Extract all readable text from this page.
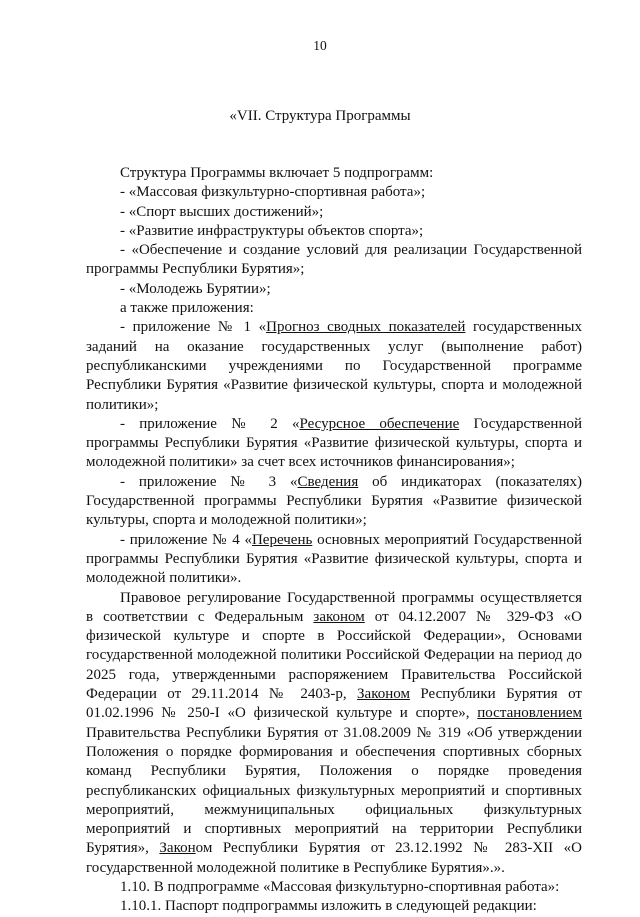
10
«VII. Структура Программы

Структура Программы включает 5 подпрограмм:

- «Массовая физкультурно-спортивная работа»;

- «Спорт высших достижений»;

- «Развитие инфраструктуры объектов спорта»;

- «Обеспечение и создание условий для реализации Государственной программы Республики Бурятия»;

- «Молодежь Бурятии»;

а также приложения:

- приложение № 1 «Прогноз сводных показателей государственных заданий на оказание государственных услуг (выполнение работ) республиканскими учреждениями по Государственной программе Республики Бурятия «Развитие физической культуры, спорта и молодежной политики»;

- приложение № 2 «Ресурсное обеспечение Государственной программы Республики Бурятия «Развитие физической культуры, спорта и молодежной политики» за счет всех источников финансирования»;

- приложение № 3 «Сведения об индикаторах (показателях) Государственной программы Республики Бурятия «Развитие физической культуры, спорта и молодежной политики»;

- приложение № 4 «Перечень основных мероприятий Государственной программы Республики Бурятия «Развитие физической культуры, спорта и молодежной политики».

Правовое регулирование Государственной программы осуществляется в соответствии с Федеральным законом от 04.12.2007 № 329-ФЗ «О физической культуре и спорте в Российской Федерации», Основами государственной молодежной политики Российской Федерации на период до 2025 года, утвержденными распоряжением Правительства Российской Федерации от 29.11.2014 № 2403-р, Законом Республики Бурятия от 01.02.1996 № 250-I «О физической культуре и спорте», постановлением Правительства Республики Бурятия от 31.08.2009 № 319 «Об утверждении Положения о порядке формирования и обеспечения спортивных сборных команд Республики Бурятия, Положения о порядке проведения республиканских официальных физкультурных мероприятий и спортивных мероприятий, межмуниципальных официальных физкультурных мероприятий и спортивных мероприятий на территории Республики Бурятия», Законом Республики Бурятия от 23.12.1992 № 283-XII «О государственной молодежной политике в Республике Бурятия».».

1.10. В подпрограмме «Массовая физкультурно-спортивная работа»:

1.10.1. Паспорт подпрограммы изложить в следующей редакции:
